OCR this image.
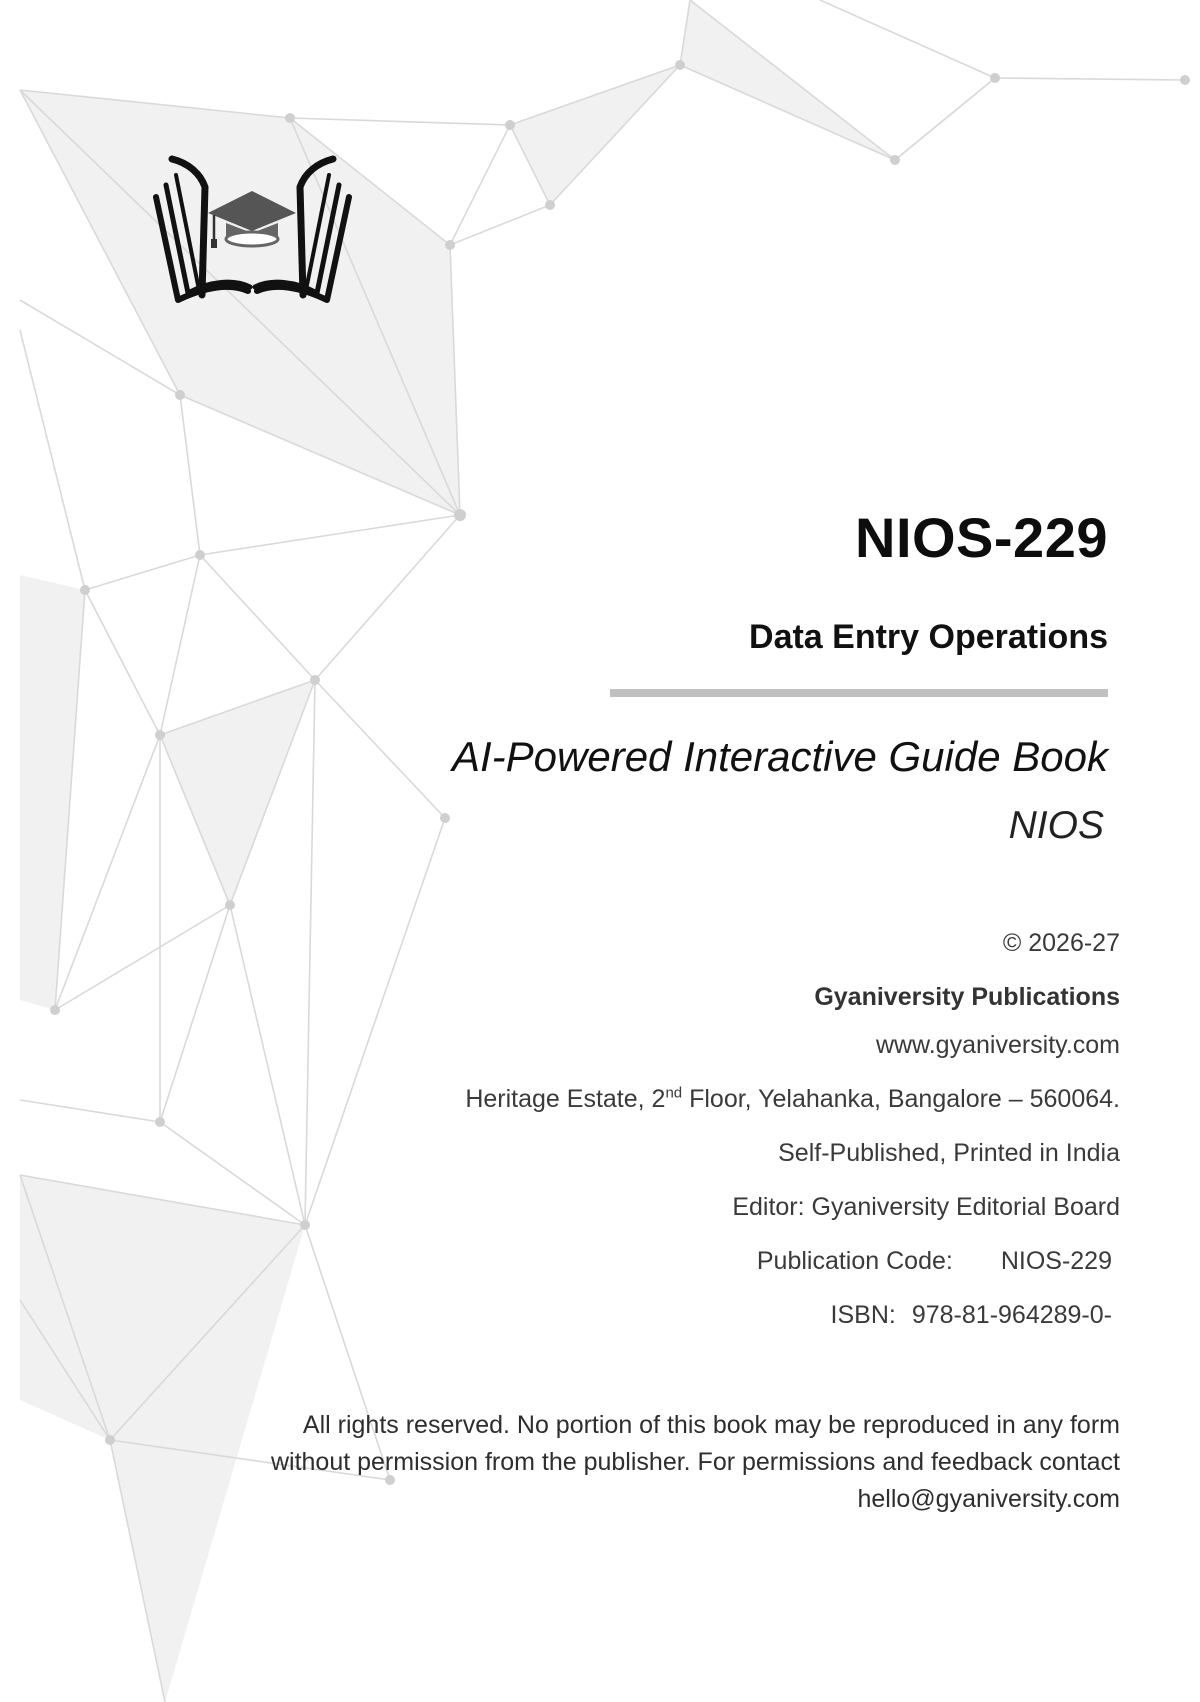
NIOS-229
Data Entry Operations
AI-Powered Interactive Guide Book
NIOS
© 2026-27
Gyaniversity Publications
www.gyaniversity.com
Heritage Estate, 2nd Floor, Yelahanka, Bangalore – 560064.
Self-Published, Printed in India
Editor: Gyaniversity Editorial Board
Publication Code: NIOS-229
ISBN: 978-81-964289-0-
All rights reserved. No portion of this book may be reproduced in any form without permission from the publisher. For permissions and feedback contact hello@gyaniversity.com
